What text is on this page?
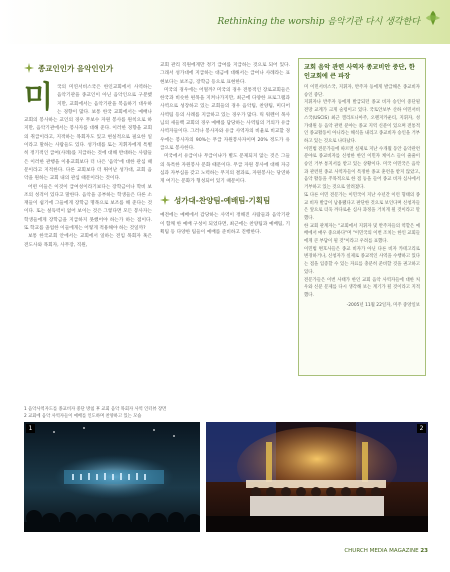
Rethinking the worship 음악기관 다시 생각한다
종교인인가 음악인인가

미국의 미연서비스국은 한인교회에서 사역하는 음악기관을 종교인이 아닌 음악인으로 구분했지만, 교회에서는 음악기관을 복음하기 대우하는 경향이 많다. 보통 한국 교회에서는 예배나 교회의 봉사하는 교인의 경우 무보수 자원 봉사를 원칙으로 하지만, 음악기관에서는 봉사자를 대해 준다. 이러한 경향을 교회의 취급이라고, 지적하는 목회자도 있고 현실적으로 필요한 일이라고 말하는 사람들도 있다. 성가대를 또는 지휘자에게 특별히 정기적인 급여(사례)를 지급하는 것에 대해 반대하는 사람들은 이러한 관행을 이용교회보다 더 나은 '음악'에 대한 관심 때문이라고 지적한다. 다른 교회보다 더 뛰어난 성가대, 교회 음악을 원하는 교회 내의 관심 때문이라는 것이다.

어떤 이들은 이것이 급여성이라기보다는 장학금이나 학비 보조의 성격이 있다고 말한다. 음악을 공부하는 학생들은 다른 소재들이 쉽기에 그들에게 장학금 명목으로 보조를 해 준다는 것이다. 또는 설득력이 없어 보이는 것은 그렇다면 모든 봉사자는 학생들에게 장학금을 지급하지 못했어야 하는가 하는 점이다. 또 학교를 졸업한 이들에게는 어떻게 적용해야 하는 것일까?

보통 한국교회 안에서는 교회에서 일하는 전임 목회자 혹은 전도사와 목회자, 사무장, 직원,

교회 관리 직원에게만 정기 급여를 지급하는 것으로 되어 있다. 그래서 성가대에 지급하는 대금에 대해서는 급여나 사례라는 표현보다는 보조금, 장학금 등으로 표현한다.

미국의 경우에는 어떨까? 미국의 경우 전통적인 장로교회들은 한국과 비슷한 편목을 지켜나가지만, 최근에 다양한 프로그램과 사역으로 성장하고 있는 교회들의 경우 음악팀, 찬양팀, 미디어 사역팀 등의 사례를 지급하고 있는 경우가 많다. 릭 워렌이 목사님의 새들백 교회의 경우 예배를 담당하는 사역팀의 거의가 유급 사역자들이다. 그러나 봉사자와 유급 사역자의 비율로 비교할 경우에는 봉사자의 90%는 무급 자원봉사자이며 20% 정도가 유급으로 봉사한다.

미국에서 유급이나 무급이냐가 별도 문제되지 않는 것은 그들의 독특한 자원봉사 문화 때문이다. 무급 자원 봉사에 대해 자긍심과 자부심을 갖고 노력하는 무지의 결과로, 자원봉사는 당연하게 여기는 문화가 형성되어 있기 때문이다.

성가대-찬양팀-예배팀-기획팀

예전에는 예배에서 감당하는 사역이 정해진 사람들과 음악기관이 함께 한 예배 구성이 되었다면, 최근에는 찬양팀과 예배팀, 기획팀 등 다양한 팀들이 예배를 준비하고 진행한다.

교회 음악 관련 사역자 종교비안 중단, 한인교회에 큰 파장

미 이민서비스국, 지휘자, 반주자 등에게 발급해온 종교비자 승인 중단.

지휘자나 반주자 등에게 발급되던 종교 비자 승인이 중단될 전망 교계가 크게 술렁이고 있다. 국토안보부 산하 이민서비스국(USCIS) 최근 캘리포니아주, 오렌지카운티, 지휘자, 성가대원 등 음악 관련 분야는 종교 지역 신분이 있으며 전통적인 종교활동이 아니라는 해석을 내리고 종교비자 승인을 거부하고 있는 것으로 나타났다.

이민법 전문가들에 따르면 실제로 지난 수개월 동안 음악관련 분야로 종교비자를 신청한 한인 이민자 케이스 들이 줄줄이 승인 거부 통지서를 받고 있는 상황이다. 미국 이민국은 음악과 관련된 종교 사역자들이 특정한 종교 훈련을 받지 않았고, 음악 활동을 주목적으로 한 점 등을 들어 종교 비자 심사에서 거부하고 있는 것으로 알려졌다.

또 다른 이민 전문가는 이민국이 지난 수년간 이런 형태의 종교 비자 발급이 남용됐다고 판단한 것으로 보인다며 신청자들은 앞으로 더욱 까다로운 심사 과정을 거치게 될 것이라고 말했다.

한 교회 관계자는 "교회에서 지휘자 및 반주자들의 역할은 예배에서 매우 중요하다"며 "이민국의 이번 조치는 한인 교회들에게 큰 부담이 될 것"이라고 우려를 표했다.

이민법 변호사들은 종교 비자가 아닌 다른 비자 카테고리로 변경하거나, 신청자가 실제로 종교적인 사역을 수행하고 있다는 점을 입증할 수 있는 자료를 충분히 준비할 것을 권고하고 있다.

전문가들은 이번 사태가 한인 교회 음악 사역자들에 대한 처우와 신분 문제를 다시 생각해 보는 계기가 될 것이라고 지적했다.

-2005년 11월 22일자, 미주 중앙일보
1 음악사역자도를 종교비자 중단 방침 후 교회 음악 목회자 사역 인터뷰 장면
2 교회에 음악 사역자들이 예배를 인도하며 찬양하고 있는 모습
1	2
CHURCH MEDIA MAGAZINE 23
